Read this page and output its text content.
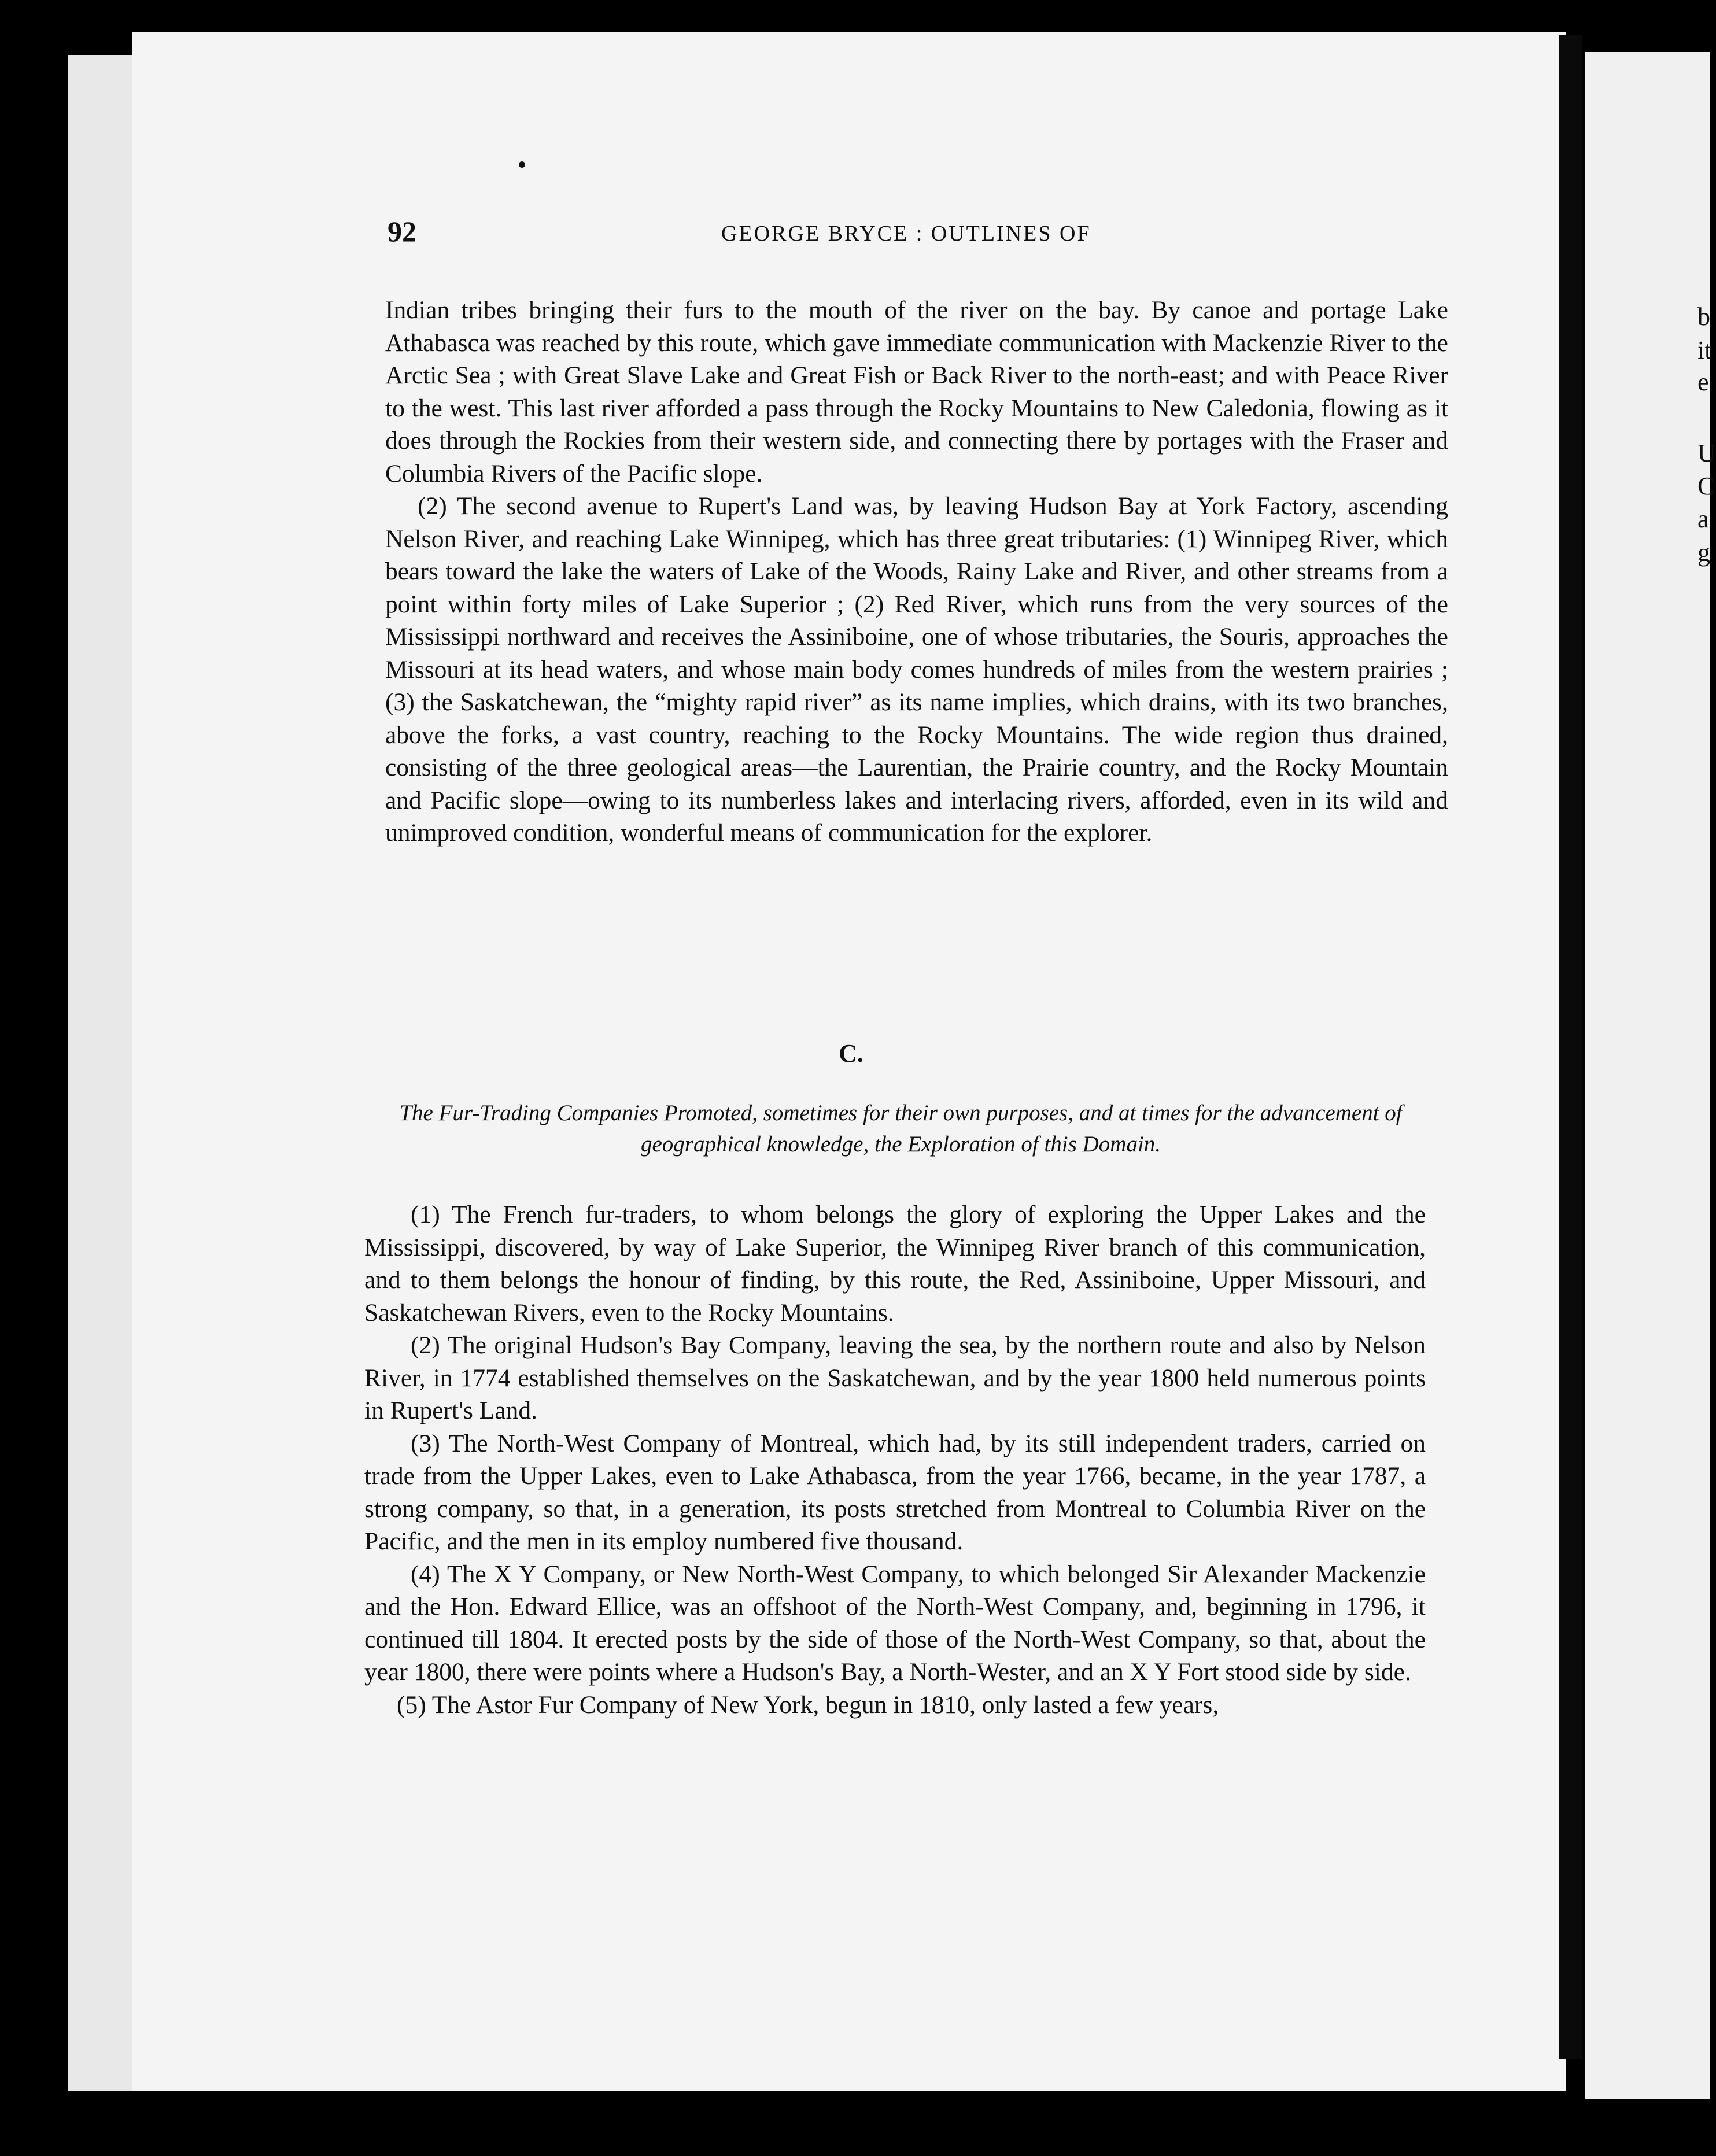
b
it
e
U
C
a
g
92	GEORGE BRYCE : OUTLINES OF

Indian tribes bringing their furs to the mouth of the river on the bay. By canoe and portage Lake Athabasca was reached by this route, which gave immediate communication with Mackenzie River to the Arctic Sea ; with Great Slave Lake and Great Fish or Back River to the north-east; and with Peace River to the west. This last river afforded a pass through the Rocky Mountains to New Caledonia, flowing as it does through the Rockies from their western side, and connecting there by portages with the Fraser and Columbia Rivers of the Pacific slope.

(2) The second avenue to Rupert's Land was, by leaving Hudson Bay at York Factory, ascending Nelson River, and reaching Lake Winnipeg, which has three great tributaries: (1) Winnipeg River, which bears toward the lake the waters of Lake of the Woods, Rainy Lake and River, and other streams from a point within forty miles of Lake Superior ; (2) Red River, which runs from the very sources of the Mississippi northward and receives the Assiniboine, one of whose tributaries, the Souris, approaches the Missouri at its head waters, and whose main body comes hundreds of miles from the western prairies ; (3) the Saskatchewan, the “mighty rapid river” as its name implies, which drains, with its two branches, above the forks, a vast country, reaching to the Rocky Mountains. The wide region thus drained, consisting of the three geological areas—the Laurentian, the Prairie country, and the Rocky Mountain and Pacific slope—owing to its numberless lakes and interlacing rivers, afforded, even in its wild and unimproved condition, wonderful means of communication for the explorer.

C.
The Fur-Trading Companies Promoted, sometimes for their own purposes, and at times for the advancement of geographical knowledge, the Exploration of this Domain.

(1) The French fur-traders, to whom belongs the glory of exploring the Upper Lakes and the Mississippi, discovered, by way of Lake Superior, the Winnipeg River branch of this communication, and to them belongs the honour of finding, by this route, the Red, Assiniboine, Upper Missouri, and Saskatchewan Rivers, even to the Rocky Mountains.

(2) The original Hudson's Bay Company, leaving the sea, by the northern route and also by Nelson River, in 1774 established themselves on the Saskatchewan, and by the year 1800 held numerous points in Rupert's Land.

(3) The North-West Company of Montreal, which had, by its still independent traders, carried on trade from the Upper Lakes, even to Lake Athabasca, from the year 1766, became, in the year 1787, a strong company, so that, in a generation, its posts stretched from Montreal to Columbia River on the Pacific, and the men in its employ numbered five thousand.

(4) The X Y Company, or New North-West Company, to which belonged Sir Alexander Mackenzie and the Hon. Edward Ellice, was an offshoot of the North-West Company, and, beginning in 1796, it continued till 1804. It erected posts by the side of those of the North-West Company, so that, about the year 1800, there were points where a Hudson's Bay, a North-Wester, and an X Y Fort stood side by side.

(5) The Astor Fur Company of New York, begun in 1810, only lasted a few years,
